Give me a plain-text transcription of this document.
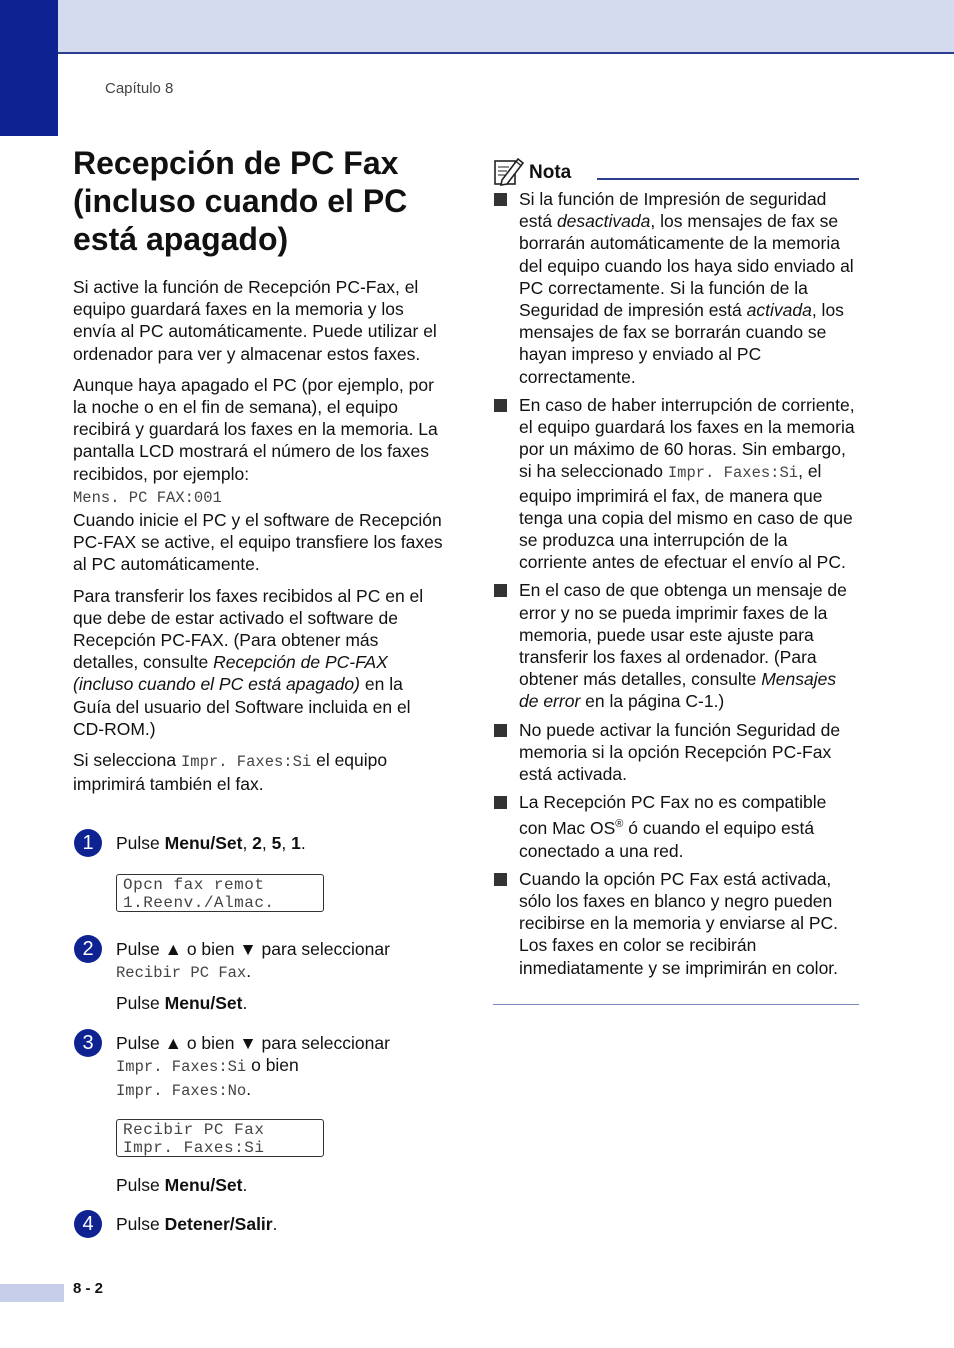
Capítulo 8
Recepción de PC Fax
(incluso cuando el PC
está apagado)

Si active la función de Recepción PC-Fax, el equipo guardará faxes en la memoria y los envía al PC automáticamente. Puede utilizar el ordenador para ver y almacenar estos faxes.

Aunque haya apagado el PC (por ejemplo, por la noche o en el fin de semana), el equipo recibirá y guardará los faxes en la memoria. La pantalla LCD mostrará el número de los faxes recibidos, por ejemplo:
Mens. PC FAX:001
Cuando inicie el PC y el software de Recepción PC-FAX se active, el equipo transfiere los faxes al PC automáticamente.

Para transferir los faxes recibidos al PC en el que debe de estar activado el software de Recepción PC-FAX. (Para obtener más detalles, consulte Recepción de PC-FAX (incluso cuando el PC está apagado) en la Guía del usuario del Software incluida en el CD-ROM.)

Si selecciona Impr. Faxes:Si el equipo imprimirá también el fax.

1	Pulse Menu/Set, 2, 5, 1.
Opcn fax remot
1.Reenv./Almac.
2	Pulse ▲ o bien ▼ para seleccionar

Recibir PC Fax.

Pulse Menu/Set.
3	Pulse ▲ o bien ▼ para seleccionar

Impr. Faxes:Si o bien

Impr. Faxes:No.

Recibir PC Fax
Impr. Faxes:Si
Pulse Menu/Set.
4	Pulse Detener/Salir.
Nota
Si la función de Impresión de seguridad está desactivada, los mensajes de fax se borrarán automáticamente de la memoria del equipo cuando los haya sido enviado al PC correctamente. Si la función de la Seguridad de impresión está activada, los mensajes de fax se borrarán cuando se hayan impreso y enviado al PC correctamente.
En caso de haber interrupción de corriente, el equipo guardará los faxes en la memoria por un máximo de 60 horas. Sin embargo, si ha seleccionado Impr. Faxes:Si, el equipo imprimirá el fax, de manera que tenga una copia del mismo en caso de que se produzca una interrupción de la corriente antes de efectuar el envío al PC.
En el caso de que obtenga un mensaje de error y no se pueda imprimir faxes de la memoria, puede usar este ajuste para transferir los faxes al ordenador. (Para obtener más detalles, consulte Mensajes de error en la página C-1.)
No puede activar la función Seguridad de memoria si la opción Recepción PC-Fax está activada.
La Recepción PC Fax no es compatible con Mac OS® ó cuando el equipo está conectado a una red.
Cuando la opción PC Fax está activada, sólo los faxes en blanco y negro pueden recibirse en la memoria y enviarse al PC. Los faxes en color se recibirán inmediatamente y se imprimirán en color.
8 - 2
